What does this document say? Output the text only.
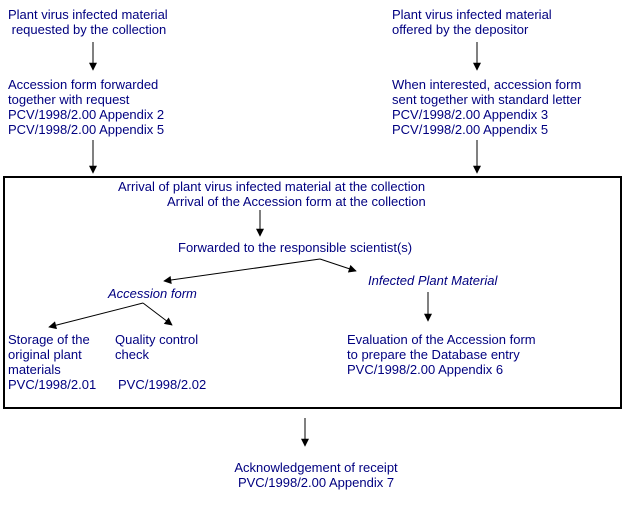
Plant virus infected material
requested by the collection
Accession form forwarded
together with request
PCV/1998/2.00 Appendix 2
PCV/1998/2.00 Appendix 5
Plant virus infected material
offered by the depositor
When interested, accession form
sent together with standard letter
PCV/1998/2.00 Appendix 3
PCV/1998/2.00 Appendix 5
Arrival of plant virus infected material at the collection
Arrival of the Accession form at the collection
Forwarded to the responsible scientist(s)
Accession form
Infected Plant Material
Storage of the
original plant
materials
PVC/1998/2.01
Quality control
check
PVC/1998/2.02
Evaluation of the Accession form
to prepare the Database entry
PVC/1998/2.00 Appendix 6
Acknowledgement of receipt
PVC/1998/2.00 Appendix 7
